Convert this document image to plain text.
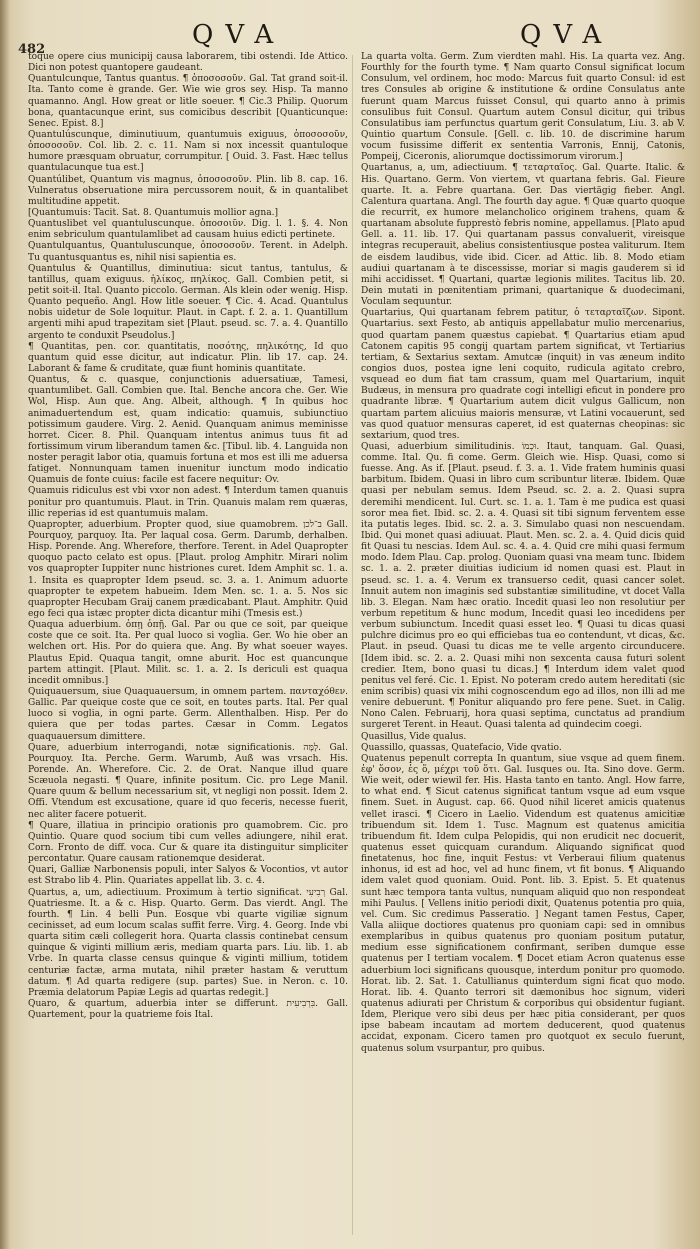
482	QVA	QVA

toque opere cius municipij causa laborarem, tibi ostendi. Ide Attico. Dici non potest quantopere gaudeant.

Quantulcunque, Tantus quantus. ¶ ὁποσοσοῦν. Gal. Tat grand soit-il. Ita. Tanto come è grande. Ger. Wie wie gros sey. Hisp. Ta manno quamanno. Angl. How great or litle soeuer. ¶ Cic.3 Philip. Quorum bona, quantacunque erint, sus comicibus describit [Quanticunque: Senec. Epist. 8.]

Quantulúscunque, diminutiuum, quantumuis exiguus, ὁποσοσοῦν, ὁποσοσοῦν. Col. lib. 2. c. 11. Nam si nox incessit quantuloque humore præsquam obruatur, corrumpitur. [ Ouid. 3. Fast. Hæc tellus quantulacunque tua est.]

Quantúlibet, Quantum vis magnus, ὁποσοσοῦν. Plin. lib 8. cap. 16. Vulneratus obseruatione mira percussorem nouit, & in quantalibet multitudine appetit.

[Quantumuis: Tacit. Sat. 8. Quantumuis mollior agna.]

Quantuslibet vel quantuluscunque. ὁποσοιῦν. Dig. l. 1. §. 4. Non enim sebriculum quantulamlibet ad causam huius edicti pertinete.

Quantulquantus, Quantuluscunque, ὁποσοσοῦν. Terent. in Adelph. Tu quantusquantus es, nihil nisi sapientia es.

Quantulus & Quantillus, diminutiua: sicut tantus, tantulus, & tantillus, quam exiguus. ἡλίκος, πηλίκος. Gall. Combien petit, si petit soit-il. Ital. Quanto piccolo. German. Als klein oder wenig. Hisp. Quanto pequeño. Angl. How litle soeuer. ¶ Cic. 4. Acad. Quantulus nobis uidetur de Sole loquitur. Plaut. in Capt. f. 2. a. 1. Quantillum argenti mihi apud trapezitam siet [Plaut. pseud. sc. 7. a. 4. Quantillo argento te conduxit Pseudolus.]

¶ Quantitas, pen. cor. quantitatis, ποσότης, πηλικότης, Id quo quantum quid esse dicitur, aut indicatur. Plin. lib 17. cap. 24. Laborant & fame & cruditate, quæ fiunt hominis quantitate.

Quantus, & c. quasque, conjunctionis aduersatiuæ, Tamesi, quantumlibet. Gall. Combien que. Ital. Benche ancora che. Ger. Wie Wol, Hisp. Aun que. Ang. Albeit, although. ¶ In quibus hoc animaduertendum est, quam indicatio: quamuis, subiunctiuo potissimum gaudere. Virg. 2. Aenid. Quanquam animus meminisse horret. Cicer. 8. Phil. Quanquam intentus animus tuus fit ad fortissimum virum liberandum tamen &c. [Tibul. lib. 4. Languida non noster peragit labor otia, quamuis fortuna et mos est illi me aduersa fatiget. Nonnunquam tamen inuenitur iunctum modo indicatio Quamuis de fonte cuius: facile est facere nequitur: Ov.

Quamuis ridiculus est vbi vxor non adest. ¶ Interdum tamen quanuis ponitur pro quantumuis. Plaut. in Trin. Quanuis malam rem quæras, illic reperias id est quantumuis malam.

Quapropter, aduerbium. Propter quod, siue quamobrem. ב־לכן Gall. Pourquoy, parquoy. Ita. Per laqual cosa. Germ. Darumb, derhalben. Hisp. Porende. Ang. Wherefore, therfore. Terent. in Adel Quapropter quoquo pacto celato est opus. [Plaut. prolog Amphitr. Mirari nolim vos quapropter Iuppiter nunc histriones curet. Idem Amphit sc. 1. a. 1. Insita es quapropter Idem pseud. sc. 3. a. 1. Animum aduorte quapropter te expetem habueim. Idem Men. sc. 1. a. 5. Nos sic quapropter Hecubam Graij canem prædicabant. Plaut. Amphitr. Quid ego feci qua istæc propter dicta dicantur mihi (Tmesis est.)

Quaqua aduerbium. ὁπῃ ὁπῇ. Gal. Par ou que ce soit, par queique coste que ce soit. Ita. Per qual luoco si voglia. Ger. Wo hie ober an welchen ort. His. Por do quiera que. Ang. By what soeuer wayes. Plautus Epid. Quaqua tangit, omne aburit. Hoc est quancunque partem attingit. [Plaut. Milit. sc. 1. a. 2. Is dericuli est quaqua incedit omnibus.]

Quiquauersum, siue Quaquauersum, in omnem partem. πανταχόθεν. Gallic. Par queique coste que ce soit, en toutes parts. Ital. Per qual luoco si voglia, in ogni parte. Germ. Allenthalben. Hisp. Per do quiera que per todas partes. Cæsar in Comm. Legatos quaquauersum dimittere.

Quare, aduerbium interrogandi, notæ significationis. לָמָּה. Gal. Pourquoy. Ita. Perche. Germ. Warumb, Auß was vrsach. His. Porende. An. Wherefore. Cic. 2. de Orat. Nanque illud quare Scæuola negasti. ¶ Quare, infinite positum. Cic. pro Lege Manil. Quare quum & bellum necessarium sit, vt negligi non possit. Idem 2. Offi. Vtendum est excusatione, quare id quo feceris, necesse fuerit, nec aliter facere potuerit.

¶ Quare, illatiua in principio orationis pro quamobrem. Cic. pro Quintio. Quare quod socium tibi cum velles adiungere, nihil erat. Corn. Fronto de diff. voca. Cur & quare ita distinguitur simpliciter percontatur. Quare causam rationemque desiderat.

Quari, Galliæ Narbonensis populi, inter Salyos & Vocontios, vt autor est Strabo lib 4. Plin. Quariates appellat lib. 3. c. 4.

Quartus, a, um, adiectiuum. Proximum à tertio significat. רְבִיעִי Gal. Quatriesme. It. a & c. Hisp. Quarto. Germ. Das vierdt. Angl. The fourth. ¶ Lin. 4 belli Pun. Eosque vbi quarte vigiliæ signum cecinisset, ad eum locum scalas suffit ferre. Virg. 4. Georg. Inde vbi quarta sitim cæli collegerit hora. Quarta classis continebat censum quinque & viginti millium æris, mediam quarta pars. Liu. lib. 1. ab Vrbe. In quarta classe census quinque & viginti millium, totidem centuriæ factæ, arma mutata, nihil præter hastam & veruttum datum. ¶ Ad quarta redigere (sup. partes) Sue. in Neron. c. 10. Præmia delatorum Papiæ Legis ad quartas redegit.]

Quaro, & quartum, aduerbia inter se differunt. בִּרְבִיעִית. Gall. Quartement, pour la quatrieme fois Ital.

La quarta volta. Germ. Zum vierdten mahl. His. La quarta vez. Ang. Fourthly for the fourth tyme. ¶ Nam quarto Consul significat locum Consulum, vel ordinem, hoc modo: Marcus fuit quarto Consul: id est tres Consules ab origine & institutione & ordine Consulatus ante fuerunt quam Marcus fuisset Consul, qui quarto anno à primis consulibus fuit Consul. Quartum autem Consul dicitur, qui tribus Consulatibus iam perfunctus quartum gerit Consulatum, Liu. 3. ab V. Quintio quartum Consule. [Gell. c. lib. 10. de discrimine harum vocum fusissime differit ex sententia Varronis, Ennij, Catonis, Pompeij, Ciceronis, aliorumque doctissimorum virorum.]

Quartanus, a, um, adiectiuum. ¶ τεταρταῖος. Gal. Quarte. Italic. & His. Quartano. Germ. Von viertem, vt quartana febris. Gal. Fieure quarte. It. a. Febre quartana. Ger. Das viertägig fieber. Angl. Calentura quartana. Angl. The fourth day ague. ¶ Quæ quarto quoque die recurrit, ex humore melancholico originem trahens, quam & quartanam absolute fupprestò febris nomine, appellamus. [Plato apud Gell. a. 11. lib. 17. Qui quartanam passus convaluerit, vireisque integras recuperauit, abelius consistentiusque postea valiturum. Item de eisdem laudibus, vide ibid. Cicer. ad Attic. lib. 8. Modo etiam audiui quartanam à te discessisse, moriar si magis gauderem si id mihi accidisset. ¶ Quartani, quartæ legionis milites. Tacitus lib. 20. Dein mutati in pœnitentiam primani, quartanique & duodecimani, Voculam sequuntur.

Quartarius, Qui quartanam febrem patitur, ὁ τεταρταῖζων. Sipont. Quartarius. sext Festo, ab antiquis appellabatur mulio mercenarius, quod quartam panem quæstus capiebat. ¶ Quartarius etiam apud Catonem capitis 95 congij quartam partem significat, vt Tertiarius tertiam, & Sextarius sextam. Amutcæ (inquit) in vas æneum indito congios duos, postea igne leni coquito, rudicula agitato crebro, vsquead eo dum fiat tam crassum, quam mel Quartarium, inquit Budæus, in mensura pro quadrate cogi intelligi eficut in pondere pro quadrante libræ. ¶ Quartarium autem dicit vulgus Gallicum, non quartam partem alicuius maioris mensuræ, vt Latini vocauerunt, sed vas quod quatuor mensuras caperet, id est quaternas cheopinas: sic sextarium, quod tres.

Quasi, aduerbium similitudinis. וּכְמוֹ. Itaut, tanquam. Gal. Quasi, comme. Ital. Qu. fi come. Germ. Gleich wie. Hisp. Quasi, como si fuesse. Ang. As if. [Plaut. pseud. f. 3. a. 1. Vide fratem huminis quasi barbitum. Ibidem. Quasi in libro cum scribuntur literæ. Ibidem. Quæ quasi per nebulam semus. Idem Pseud. sc. 2. a. 2. Quasi supra deremihi mendicent. Iul. Curt. sc. 1. a. 1. Tam è me pudica est quasi soror mea fiet. Ibid. sc. 2. a. 4. Quasi sit tibi signum ferventem esse ita putatis leges. Ibid. sc. 2. a. 3. Simulabo quasi non nescuendam. Ibid. Qui monet quasi adiuuat. Plaut. Men. sc. 2. a. 4. Quid dicis quid fit Quasi tu nescias. Idem Aul. sc. 4. a. 4. Quid cre mihi quasi fermum modo. Idem Plau. Cap. prolog. Quoniam quasi vna meam tunc. Ibidem sc. 1. a. 2. præter diuitias iudicium id nomen quasi est. Plaut in pseud. sc. 1. a. 4. Verum ex transuerso cedit, quasi cancer solet. Innuit autem non imaginis sed substantiæ similitudine, vt docet Valla lib. 3. Elegan. Nam hæc oratio. Incedit quasi leo non resolutiur per verbum repetitum & hunc modum, Incedit quasi leo incedidens per verbum subiunctum. Incedit quasi esset leo. ¶ Quasi tu dicas quasi pulchre dicimus pro eo qui efficiebas tua eo contendunt, vt dicas, &c. Plaut. in pseud. Quasi tu dicas me te velle argento circunducere. [Idem ibid. sc. 2. a. 2. Quasi mihi non sexcenta causa futuri solent credier. Item, bono quasi tu dicas.] ¶ Interdum idem valet quod penitus vel feré. Cic. 1. Epist. No poteram credo autem hereditati (sic enim scribis) quasi vix mihi cognoscendum ego ad illos, non illi ad me venire debuerunt. ¶ Ponitur aliquando pro fere pene. Suet. in Calig. Nono Calen. Februarij, hora quasi septima, cunctatus ad prandium surgeret Terent. in Heaut. Quasi talenta ad quindecim coegi.

Quasillus, Vide qualus.

Quassillo, quassas, Quatefacio, Vide qvatio.

Quatenus pepenult correpta In quantum, siue vsque ad quem finem. ἐφ' ὅσον, ἐς ὅ, μέχρι τοῦ ὅτι. Gal. Iusques ou. Ita. Sino dove. Germ. Wie weit, oder wiewil fer. His. Hasta tanto en tanto. Angl. How farre, to what end. ¶ Sicut catenus significat tantum vsque ad eum vsque finem. Suet. in August. cap. 66. Quod nihil liceret amicis quatenus vellet irasci. ¶ Cicero in Laelio. Videndum est quatenus amicitiæ tribuendum sit. Idem 1. Tusc. Magnum est quatenus amicitia tribuendum fit. Idem culpa Pelopidis, qui non erudicit nec docuerit, quatenus esset quicquam curandum. Aliquando significat quod finetatenus, hoc fine, inquit Festus: vt Verberaui filium quatenus inhonus, id est ad hoc, vel ad hunc finem, vt fit bonus. ¶ Aliquando idem valet quod quoniam. Ouid. Pont. lib. 3. Epist. 5. Et quatenus sunt hæc tempora tanta vultus, nunquam aliquid quo non respondeat mihi Paulus. [ Vellens initio periodi dixit, Quatenus potentia pro quia, vel. Cum. Sic credimus Passeratio. ] Negant tamen Festus, Caper, Valla aliique doctiores quatenus pro quoniam capi: sed in omnibus exemplaribus in quibus quatenus pro quoniam positum putatur, medium esse significationem confirmant, seriben dumque esse quatenus per I tertiam vocalem. ¶ Docet etiam Acron quatenus esse aduerbium loci significans quousque, interdum ponitur pro quomodo. Horat. lib. 2. Sat. 1. Catullianus quinterdum signi ficat quo modo. Horat. lib. 4. Quanto terrori sit dæmonibus hoc signum, videri quatenus adiurati per Christum & corporibus qui obsidentur fugiant. Idem, Plerique vero sibi deus per hæc pitia considerant, per quos ipse babeam incautam ad mortem deducerent, quod quatenus accidat, exponam. Cicero tamen pro quotquot ex seculo fuerunt, quatenus solum vsurpantur, pro quibus.
